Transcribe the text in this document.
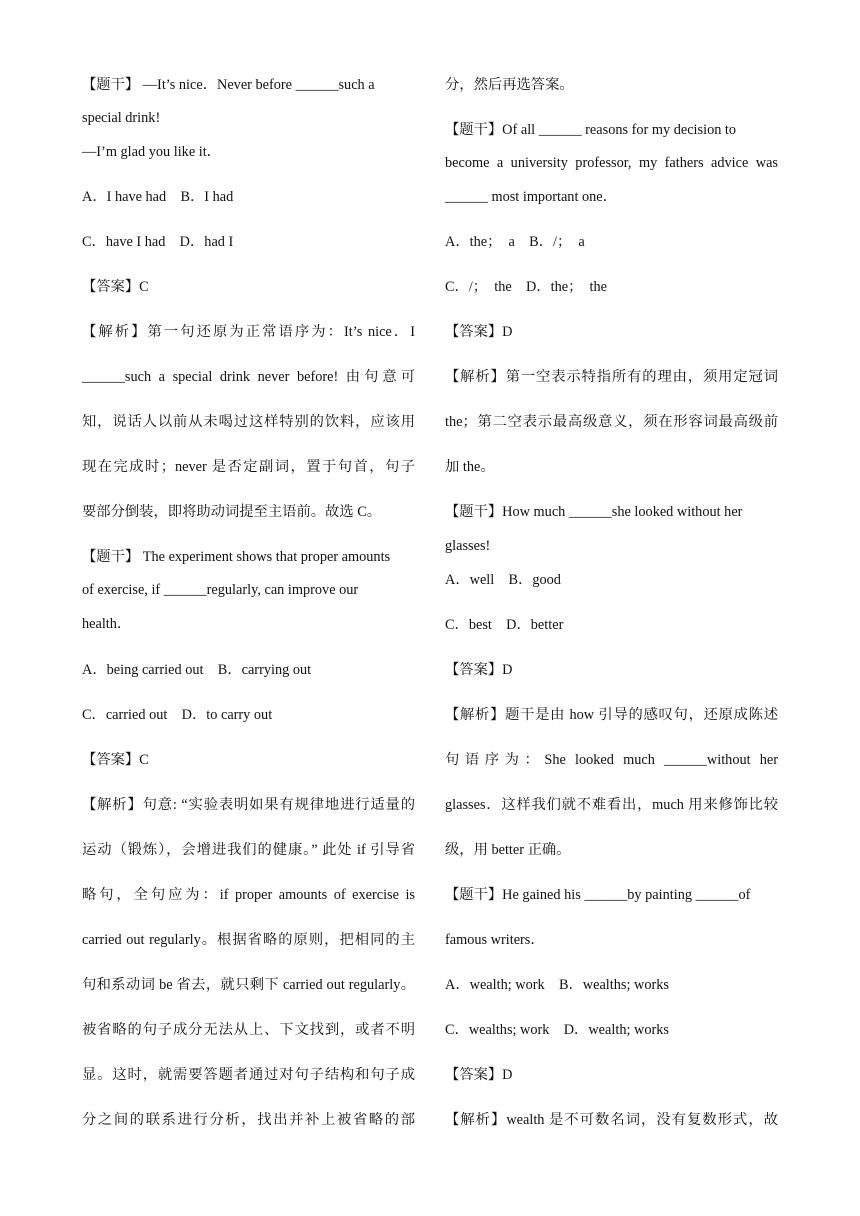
【题干】 —It’s nice．Never before ______such a
special drink!
—I’m glad you like it．
A．I have had　B．I had
C．have I had　D．had I
【答案】C
【解析】第一句还原为正常语序为：It’s nice．I
______such a special drink never before! 由句意可
知，说话人以前从未喝过这样特别的饮料，应该用
现在完成时；never 是否定副词，置于句首，句子
要部分倒装，即将助动词提至主语前。故选 C。
【题干】 The experiment shows that proper amounts
of exercise, if ______regularly, can improve our
health．
A．being carried out　B．carrying out
C．carried out　D．to carry out
【答案】C
【解析】句意: “实验表明如果有规律地进行适量的
运动（锻炼），会增进我们的健康。” 此处 if 引导省
略句，全句应为：if proper amounts of exercise is
carried out regularly。根据省略的原则，把相同的主
句和系动词 be 省去，就只剩下 carried out regularly。
被省略的句子成分无法从上、下文找到，或者不明
显。这时，就需要答题者通过对句子结构和句子成
分之间的联系进行分析，找出并补上被省略的部
分，然后再选答案。
【题干】Of all ______ reasons for my decision to
become a university professor, my fathers advice was
______ most important one．
A．the；　a　B．/；　a
C．/；　the　D．the；　the
【答案】D
【解析】第一空表示特指所有的理由，须用定冠词
the；第二空表示最高级意义，须在形容词最高级前
加 the。
【题干】How much ______she looked without her
glasses!
A．well　B．good
C．best　D．better
【答案】D
【解析】题干是由 how 引导的感叹句，还原成陈述
句语序为：She looked much ______without her
glasses．这样我们就不难看出，much 用来修饰比较
级，用 better 正确。
【题干】He gained his ______by painting ______of
famous writers．
A．wealth; work　B．wealths; works
C．wealths; work　D．wealth; works
【答案】D
【解析】wealth 是不可数名词，没有复数形式，故
